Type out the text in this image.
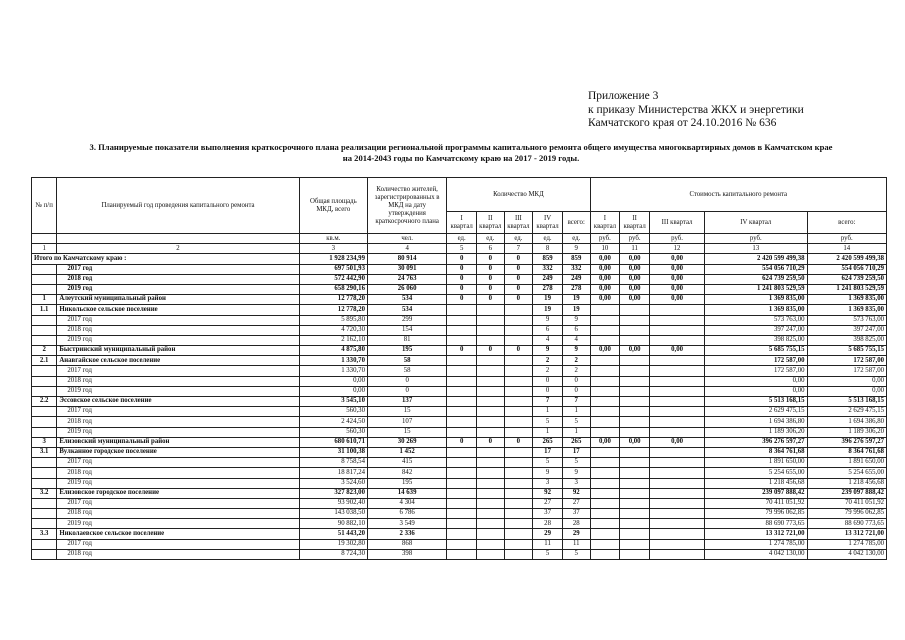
Приложение 3
к приказу Министерства ЖКХ и энергетики
Камчатского края от 24.10.2016 № 636
3. Планируемые показатели выполнения краткосрочного плана реализации региональной программы капитального ремонта общего имущества многоквартирных домов в Камчатском крае
на 2014-2043 годы по Камчатскому краю на 2017 - 2019 годы.
№ п/п	Планируемый год проведения капитального ремонта	Общая площадь МКД, всего	Количество жителей, зарегистрированных в МКД на дату утверждения краткосрочного плана	Количество МКД					Стоимость капитального ремонта				
				I квартал	II квартал	III квартал	IV квартал	всего:	I квартал	II квартал	III квартал	IV квартал	всего:
		кв.м.	чел.	ед.	ед.	ед.	ед.	ед.	руб.	руб.	руб.	руб.	руб.
1	2	3	4	5	6	7	8	9	10	11	12	13	14
Итого по Камчатскому краю :		1 928 234,99	80 914	0	0	0	859	859	0,00	0,00	0,00	2 420 599 499,38	2 420 599 499,38
	2017 год	697 501,93	30 091	0	0	0	332	332	0,00	0,00	0,00	554 056 710,29	554 056 710,29
	2018 год	572 442,90	24 763	0	0	0	249	249	0,00	0,00	0,00	624 739 259,50	624 739 259,50
	2019 год	658 290,16	26 060	0	0	0	278	278	0,00	0,00	0,00	1 241 803 529,59	1 241 803 529,59
1	Алеутский муниципальный район	12 778,20	534	0	0	0	19	19	0,00	0,00	0,00	1 369 835,00	1 369 835,00
1.1	Никольское сельское поселение	12 778,20	534				19	19				1 369 835,00	1 369 835,00
	2017 год	5 895,80	299				9	9				573 763,00	573 763,00
	2018 год	4 720,30	154				6	6				397 247,00	397 247,00
	2019 год	2 162,10	81				4	4				398 825,00	398 825,00
2	Быстринский муниципальный район	4 875,80	195	0	0	0	9	9	0,00	0,00	0,00	5 685 755,15	5 685 755,15
2.1	Анавгайское сельское поселение	1 330,70	58				2	2				172 587,00	172 587,00
	2017 год	1 330,70	58				2	2				172 587,00	172 587,00
	2018 год	0,00	0				0	0				0,00	0,00
	2019 год	0,00	0				0	0				0,00	0,00
2.2	Эссовское сельское поселение	3 545,10	137				7	7				5 513 168,15	5 513 168,15
	2017 год	560,30	15				1	1				2 629 475,15	2 629 475,15
	2018 год	2 424,50	107				5	5				1 694 386,80	1 694 386,80
	2019 год	560,30	15				1	1				1 189 306,20	1 189 306,20
3	Елизовский муниципальный район	680 610,71	30 269	0	0	0	265	265	0,00	0,00	0,00	396 276 597,27	396 276 597,27
3.1	Вулканное городское поселение	31 100,38	1 452				17	17				8 364 761,68	8 364 761,68
	2017 год	8 758,54	415				5	5				1 891 650,00	1 891 650,00
	2018 год	18 817,24	842				9	9				5 254 655,00	5 254 655,00
	2019 год	3 524,60	195				3	3				1 218 456,68	1 218 456,68
3.2	Елизовское городское поселение	327 823,00	14 639				92	92				239 097 888,42	239 097 888,42
	2017 год	93 902,40	4 304				27	27				70 411 051,92	70 411 051,92
	2018 год	143 038,50	6 786				37	37				79 996 062,85	79 996 062,85
	2019 год	90 882,10	3 549				28	28				88 690 773,65	88 690 773,65
3.3	Николаевское сельское поселение	51 443,20	2 336				29	29				13 312 721,00	13 312 721,00
	2017 год	19 302,80	868				11	11				1 274 785,00	1 274 785,00
	2018 год	8 724,30	398				5	5				4 042 130,00	4 042 130,00
